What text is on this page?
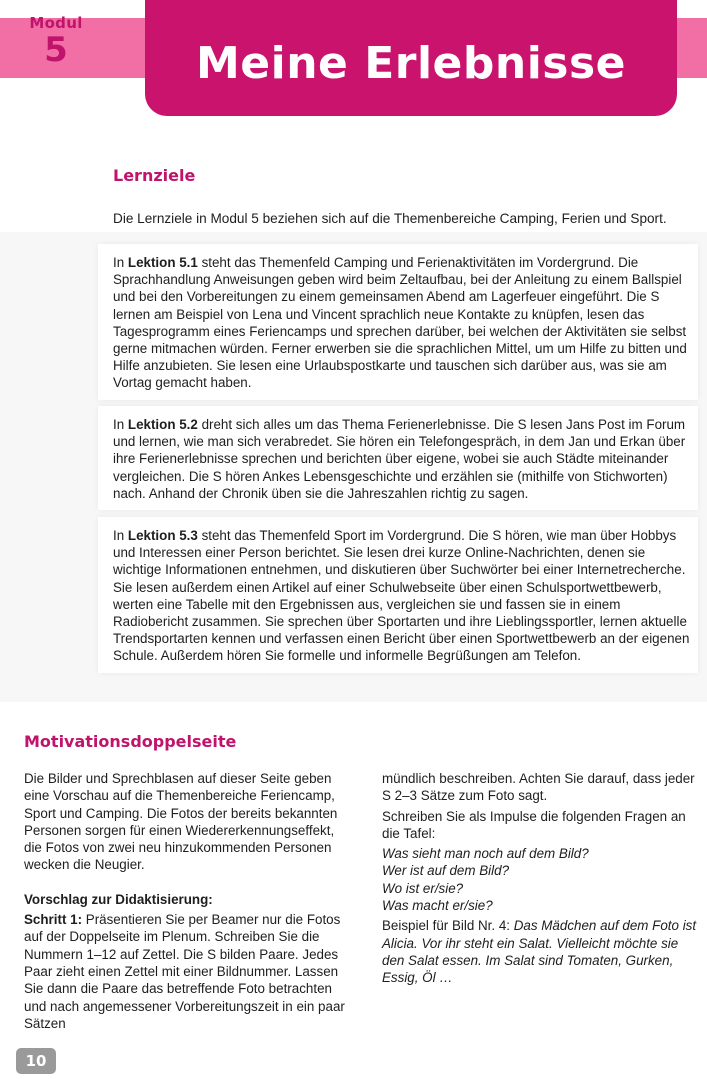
Modul
5	Meine Erlebnisse
Lernziele

Die Lernziele in Modul 5 beziehen sich auf die Themenbereiche Camping, Ferien und Sport.

In Lektion 5.1 steht das Themenfeld Camping und Ferienaktivitäten im Vordergrund. Die Sprachhandlung Anweisungen geben wird beim Zeltaufbau, bei der Anleitung zu einem Ballspiel und bei den Vorbereitungen zu einem gemeinsamen Abend am Lagerfeuer eingeführt. Die S lernen am Beispiel von Lena und Vincent sprachlich neue Kontakte zu knüpfen, lesen das Tagesprogramm eines Feriencamps und sprechen darüber, bei welchen der Aktivitäten sie selbst gerne mitmachen würden. Ferner erwerben sie die sprachlichen Mittel, um um Hilfe zu bitten und Hilfe anzubieten. Sie lesen eine Urlaubspostkarte und tauschen sich darüber aus, was sie am Vortag gemacht haben.

In Lektion 5.2 dreht sich alles um das Thema Ferienerlebnisse. Die S lesen Jans Post im Forum und lernen, wie man sich verabredet. Sie hören ein Telefongespräch, in dem Jan und Erkan über ihre Ferienerlebnisse sprechen und berichten über eigene, wobei sie auch Städte miteinander vergleichen. Die S hören Ankes Lebensgeschichte und erzählen sie (mithilfe von Stichworten) nach. Anhand der Chronik üben sie die Jahreszahlen richtig zu sagen.

In Lektion 5.3 steht das Themenfeld Sport im Vordergrund. Die S hören, wie man über Hobbys und Interessen einer Person berichtet. Sie lesen drei kurze Online-Nachrichten, denen sie wichtige Informationen entnehmen, und diskutieren über Suchwörter bei einer Internetrecherche. Sie lesen außerdem einen Artikel auf einer Schulwebseite über einen Schulsportwettbewerb, werten eine Tabelle mit den Ergebnissen aus, vergleichen sie und fassen sie in einem Radiobericht zusammen. Sie sprechen über Sportarten und ihre Lieblingssportler, lernen aktuelle Trendsportarten kennen und verfassen einen Bericht über einen Sportwettbewerb an der eigenen Schule. Außerdem hören Sie formelle und informelle Begrüßungen am Telefon.

Motivationsdoppelseite

Die Bilder und Sprechblasen auf dieser Seite geben eine Vorschau auf die Themenbereiche Feriencamp, Sport und Camping. Die Fotos der bereits bekannten Personen sorgen für einen Wiedererkennungseffekt, die Fotos von zwei neu hinzukommenden Personen wecken die Neugier.

Vorschlag zur Didaktisierung:

Schritt 1: Präsentieren Sie per Beamer nur die Fotos auf der Doppelseite im Plenum. Schreiben Sie die Nummern 1–12 auf Zettel. Die S bilden Paare. Jedes Paar zieht einen Zettel mit einer Bildnummer. Lassen Sie dann die Paare das betreffende Foto betrachten und nach angemessener Vorbereitungszeit in ein paar Sätzen

mündlich beschreiben. Achten Sie darauf, dass jeder S 2–3 Sätze zum Foto sagt.

Schreiben Sie als Impulse die folgenden Fragen an die Tafel:

Was sieht man noch auf dem Bild?

Wer ist auf dem Bild?

Wo ist er/sie?

Was macht er/sie?

Beispiel für Bild Nr. 4: Das Mädchen auf dem Foto ist Alicia. Vor ihr steht ein Salat. Vielleicht möchte sie den Salat essen. Im Salat sind Tomaten, Gurken, Essig, Öl …

10
